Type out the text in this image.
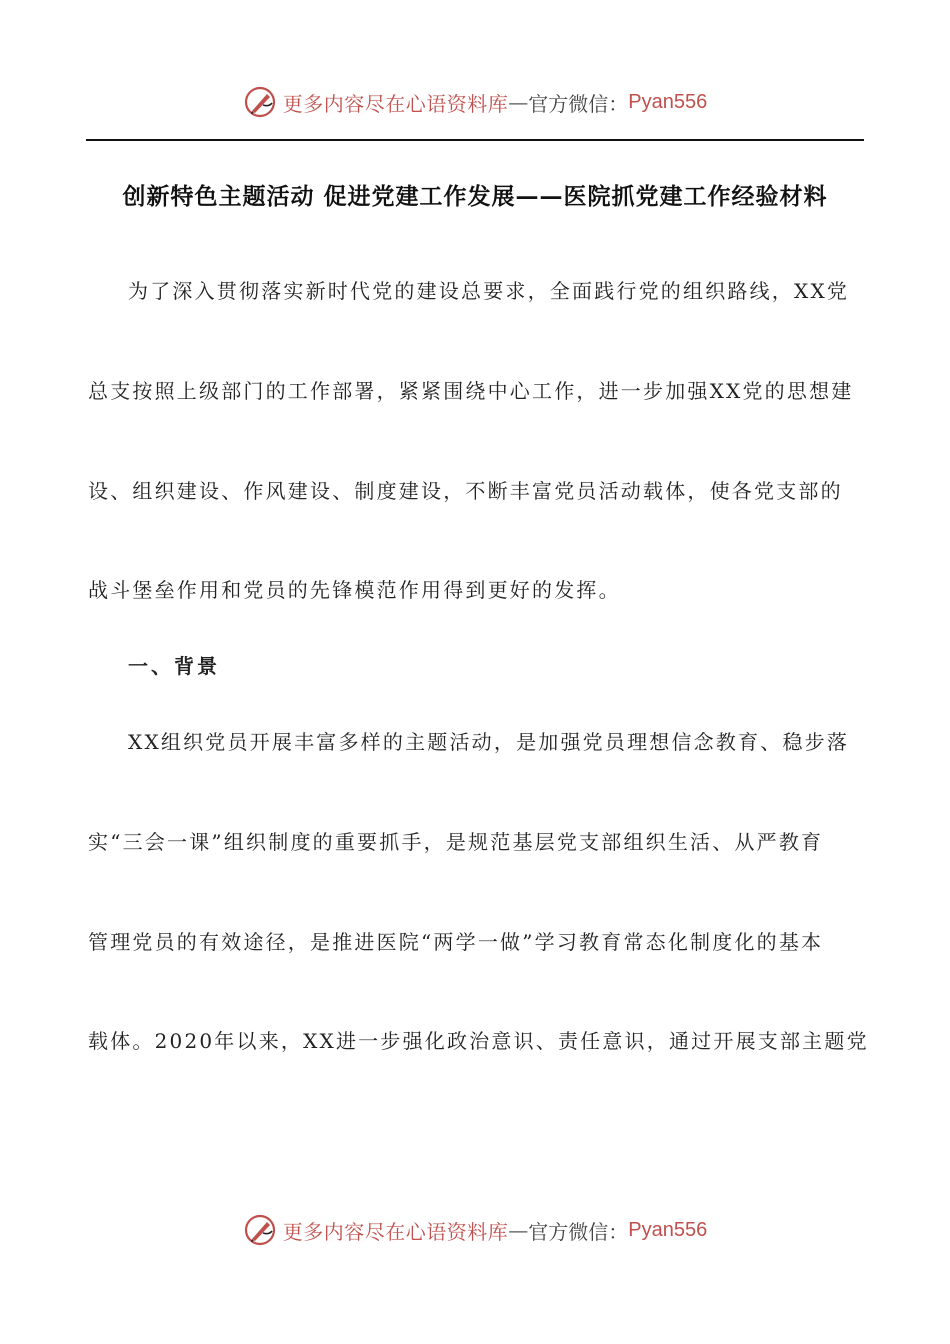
更多内容尽在心语资料库 — 官方微信： Pyan556
创新特色主题活动 促进党建工作发展——医院抓党建工作经验材料
为了深入贯彻落实新时代党的建设总要求，全面践行党的组织路线，XX党
总支按照上级部门的工作部署，紧紧围绕中心工作，进一步加强XX党的思想建
设、组织建设、作风建设、制度建设，不断丰富党员活动载体，使各党支部的
战斗堡垒作用和党员的先锋模范作用得到更好的发挥。
一、背景
XX组织党员开展丰富多样的主题活动，是加强党员理想信念教育、稳步落
实“三会一课”组织制度的重要抓手，是规范基层党支部组织生活、从严教育
管理党员的有效途径，是推进医院“两学一做”学习教育常态化制度化的基本
载体。2020年以来，XX进一步强化政治意识、责任意识，通过开展支部主题党
更多内容尽在心语资料库 — 官方微信： Pyan556
